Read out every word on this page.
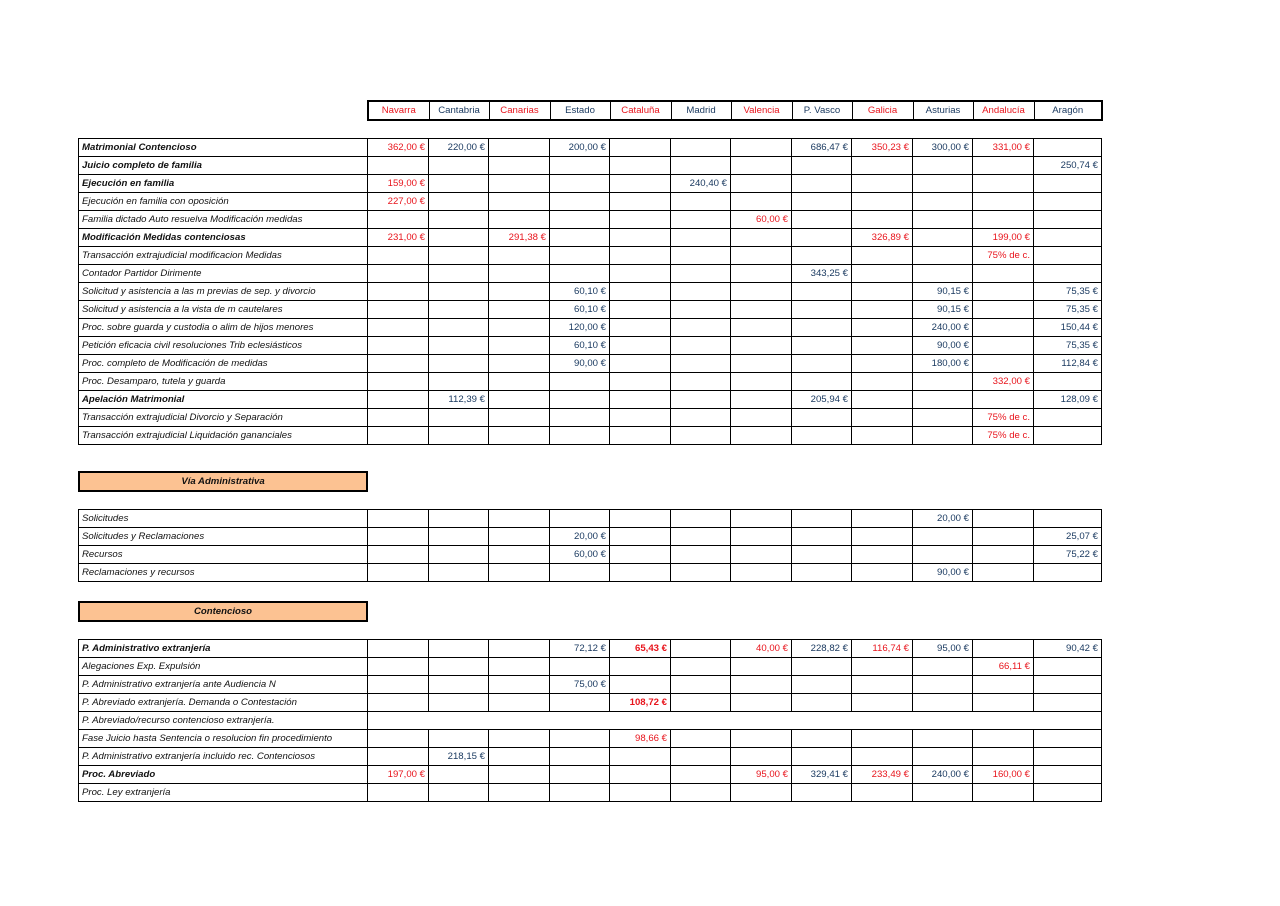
Navarra	Cantabria	Canarias	Estado	Cataluña	Madrid	Valencia	P. Vasco	Galicia	Asturias	Andalucía	Aragón
Matrimonial Contencioso	362,00 €	220,00 €		200,00 €				686,47 €	350,23 €	300,00 €	331,00 €	
Juicio completo de familia												250,74 €
Ejecución en familia	159,00 €					240,40 €						
Ejecución en familia con oposición	227,00 €											
Familia dictado Auto resuelva Modificación medidas							60,00 €					
Modificación Medidas contenciosas	231,00 €		291,38 €						326,89 €		199,00 €	
Transacción extrajudicial modificacion Medidas											75% de c.	
Contador Partidor Dirimente								343,25 €				
Solicitud y asistencia a las m previas de sep. y divorcio				60,10 €						90,15 €		75,35 €
Solicitud y asistencia a la vista de m cautelares				60,10 €						90,15 €		75,35 €
Proc. sobre guarda y custodia o alim de hijos menores				120,00 €						240,00 €		150,44 €
Petición eficacia civil resoluciones Trib eclesiásticos				60,10 €						90,00 €		75,35 €
Proc. completo de Modificación de medidas				90,00 €						180,00 €		112,84 €
Proc. Desamparo, tutela y guarda											332,00 €	
Apelación Matrimonial		112,39 €						205,94 €				128,09 €
Transacción extrajudicial Divorcio y Separación											75% de c.	
Transacción extrajudicial Liquidación gananciales											75% de c.	
Vía Administrativa
Solicitudes										20,00 €		
Solicitudes y Reclamaciones				20,00 €								25,07 €
Recursos				60,00 €								75,22 €
Reclamaciones y recursos										90,00 €		
Contencioso
P. Administrativo extranjería				72,12 €	65,43 €		40,00 €	228,82 €	116,74 €	95,00 €		90,42 €
Alegaciones Exp. Expulsión											66,11 €	
P. Administrativo extranjería ante Audiencia N				75,00 €								
P. Abreviado extranjería. Demanda o Contestación					108,72 €							
P. Abreviado/recurso contencioso extranjería.												
Fase Juicio hasta Sentencia o resolucion fin procedimiento					98,66 €							
P. Administrativo extranjería incluido rec. Contenciosos		218,15 €										
Proc. Abreviado	197,00 €						95,00 €	329,41 €	233,49 €	240,00 €	160,00 €	
Proc. Ley extranjería												
